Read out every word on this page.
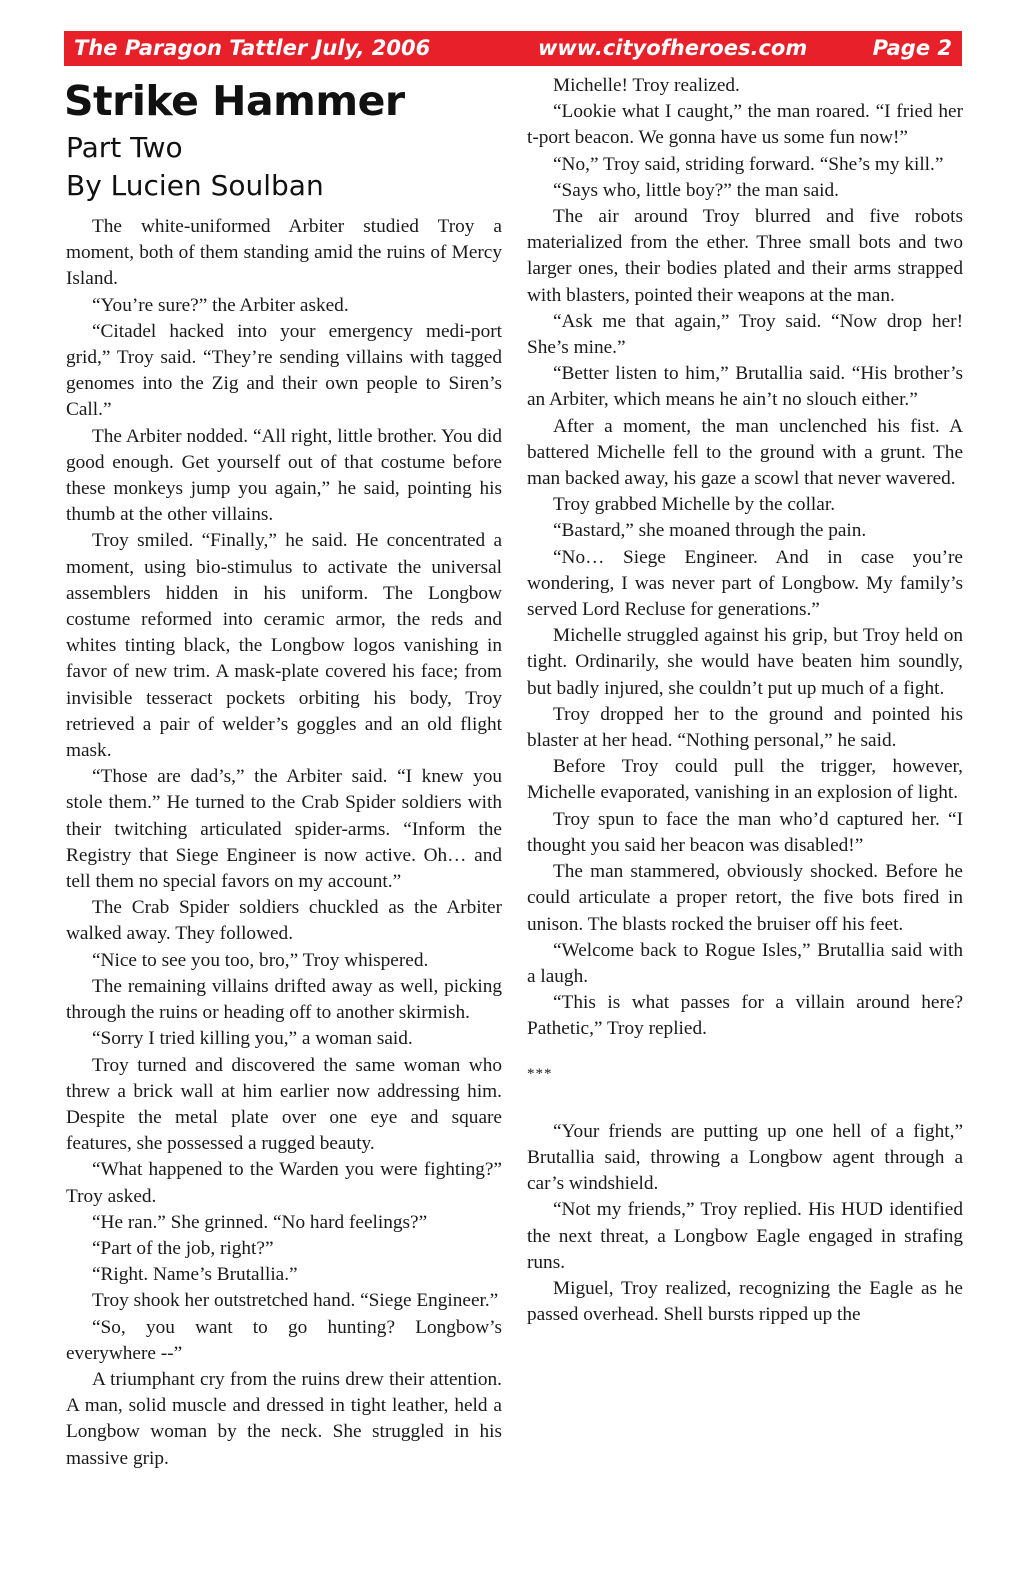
The Paragon Tattler July, 2006	www.cityofheroes.com	Page 2
Strike Hammer
Part Two
By Lucien Soulban

The white-uniformed Arbiter studied Troy a moment, both of them standing amid the ruins of Mercy Island.

“You’re sure?” the Arbiter asked.

“Citadel hacked into your emergency medi-port grid,” Troy said. “They’re sending villains with tagged genomes into the Zig and their own people to Siren’s Call.”

The Arbiter nodded. “All right, little brother. You did good enough. Get yourself out of that costume before these monkeys jump you again,” he said, pointing his thumb at the other villains.

Troy smiled. “Finally,” he said. He concentrated a moment, using bio-stimulus to activate the universal assemblers hidden in his uniform. The Longbow costume reformed into ceramic armor, the reds and whites tinting black, the Longbow logos vanishing in favor of new trim. A mask-plate covered his face; from invisible tesseract pockets orbiting his body, Troy retrieved a pair of welder’s goggles and an old flight mask.

“Those are dad’s,” the Arbiter said. “I knew you stole them.” He turned to the Crab Spider soldiers with their twitching articulated spider-arms. “Inform the Registry that Siege Engineer is now active. Oh… and tell them no special favors on my account.”

The Crab Spider soldiers chuckled as the Arbiter walked away. They followed.

“Nice to see you too, bro,” Troy whispered.

The remaining villains drifted away as well, picking through the ruins or heading off to another skirmish.

“Sorry I tried killing you,” a woman said.

Troy turned and discovered the same woman who threw a brick wall at him earlier now addressing him. Despite the metal plate over one eye and square features, she possessed a rugged beauty.

“What happened to the Warden you were fighting?” Troy asked.

“He ran.” She grinned. “No hard feelings?”

“Part of the job, right?”

“Right. Name’s Brutallia.”

Troy shook her outstretched hand. “Siege Engineer.”

“So, you want to go hunting? Longbow’s everywhere --”

A triumphant cry from the ruins drew their attention. A man, solid muscle and dressed in tight leather, held a Longbow woman by the neck. She struggled in his massive grip.

Michelle! Troy realized.

“Lookie what I caught,” the man roared. “I fried her t-port beacon. We gonna have us some fun now!”

“No,” Troy said, striding forward. “She’s my kill.”

“Says who, little boy?” the man said.

The air around Troy blurred and five robots materialized from the ether. Three small bots and two larger ones, their bodies plated and their arms strapped with blasters, pointed their weapons at the man.

“Ask me that again,” Troy said. “Now drop her! She’s mine.”

“Better listen to him,” Brutallia said. “His brother’s an Arbiter, which means he ain’t no slouch either.”

After a moment, the man unclenched his fist. A battered Michelle fell to the ground with a grunt. The man backed away, his gaze a scowl that never wavered.

Troy grabbed Michelle by the collar.

“Bastard,” she moaned through the pain.

“No… Siege Engineer. And in case you’re wondering, I was never part of Longbow. My family’s served Lord Recluse for generations.”

Michelle struggled against his grip, but Troy held on tight. Ordinarily, she would have beaten him soundly, but badly injured, she couldn’t put up much of a fight.

Troy dropped her to the ground and pointed his blaster at her head. “Nothing personal,” he said.

Before Troy could pull the trigger, however, Michelle evaporated, vanishing in an explosion of light.

Troy spun to face the man who’d captured her. “I thought you said her beacon was disabled!”

The man stammered, obviously shocked. Before he could articulate a proper retort, the five bots fired in unison. The blasts rocked the bruiser off his feet.

“Welcome back to Rogue Isles,” Brutallia said with a laugh.

“This is what passes for a villain around here? Pathetic,” Troy replied.

***

“Your friends are putting up one hell of a fight,” Brutallia said, throwing a Longbow agent through a car’s windshield.

“Not my friends,” Troy replied. His HUD identified the next threat, a Longbow Eagle engaged in strafing runs.

Miguel, Troy realized, recognizing the Eagle as he passed overhead. Shell bursts ripped up the
